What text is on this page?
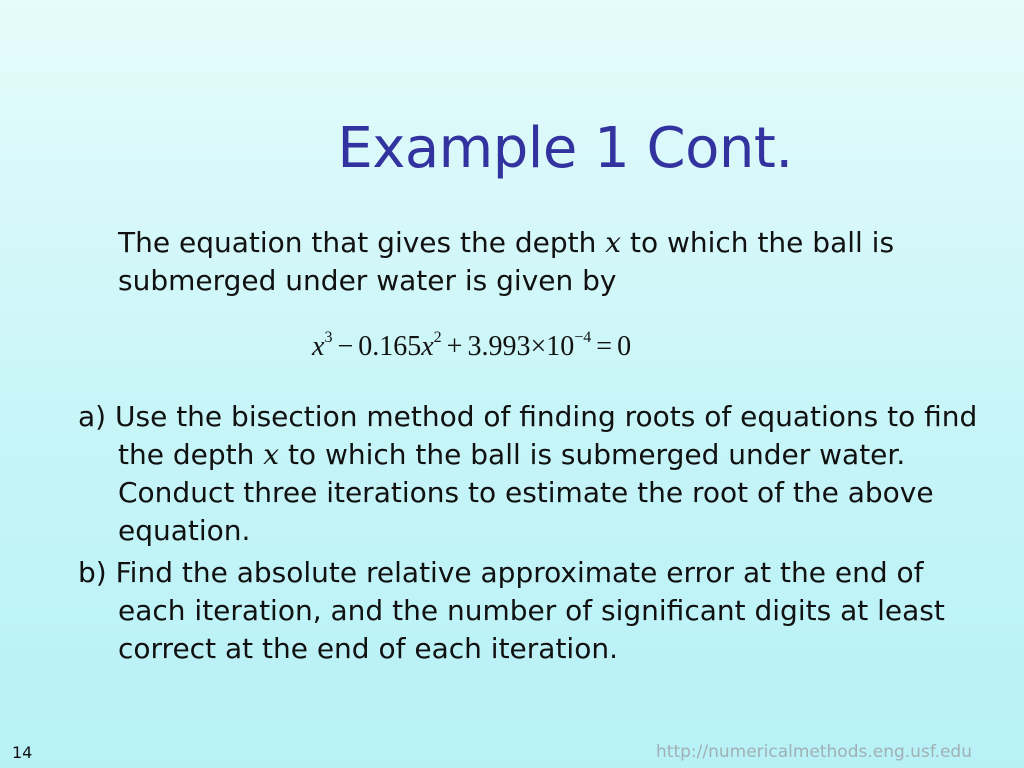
Example 1 Cont.
The equation that gives the depth x to which the ball is submerged under water is given by
$x^3 - 0.165x^2 + 3.993\times 10^{-4} = 0$
a) Use the bisection method of finding roots of equations to find the depth x to which the ball is submerged under water. Conduct three iterations to estimate the root of the above equation.
b) Find the absolute relative approximate error at the end of each iteration, and the number of significant digits at least correct at the end of each iteration.
14	http://numericalmethods.eng.usf.edu
